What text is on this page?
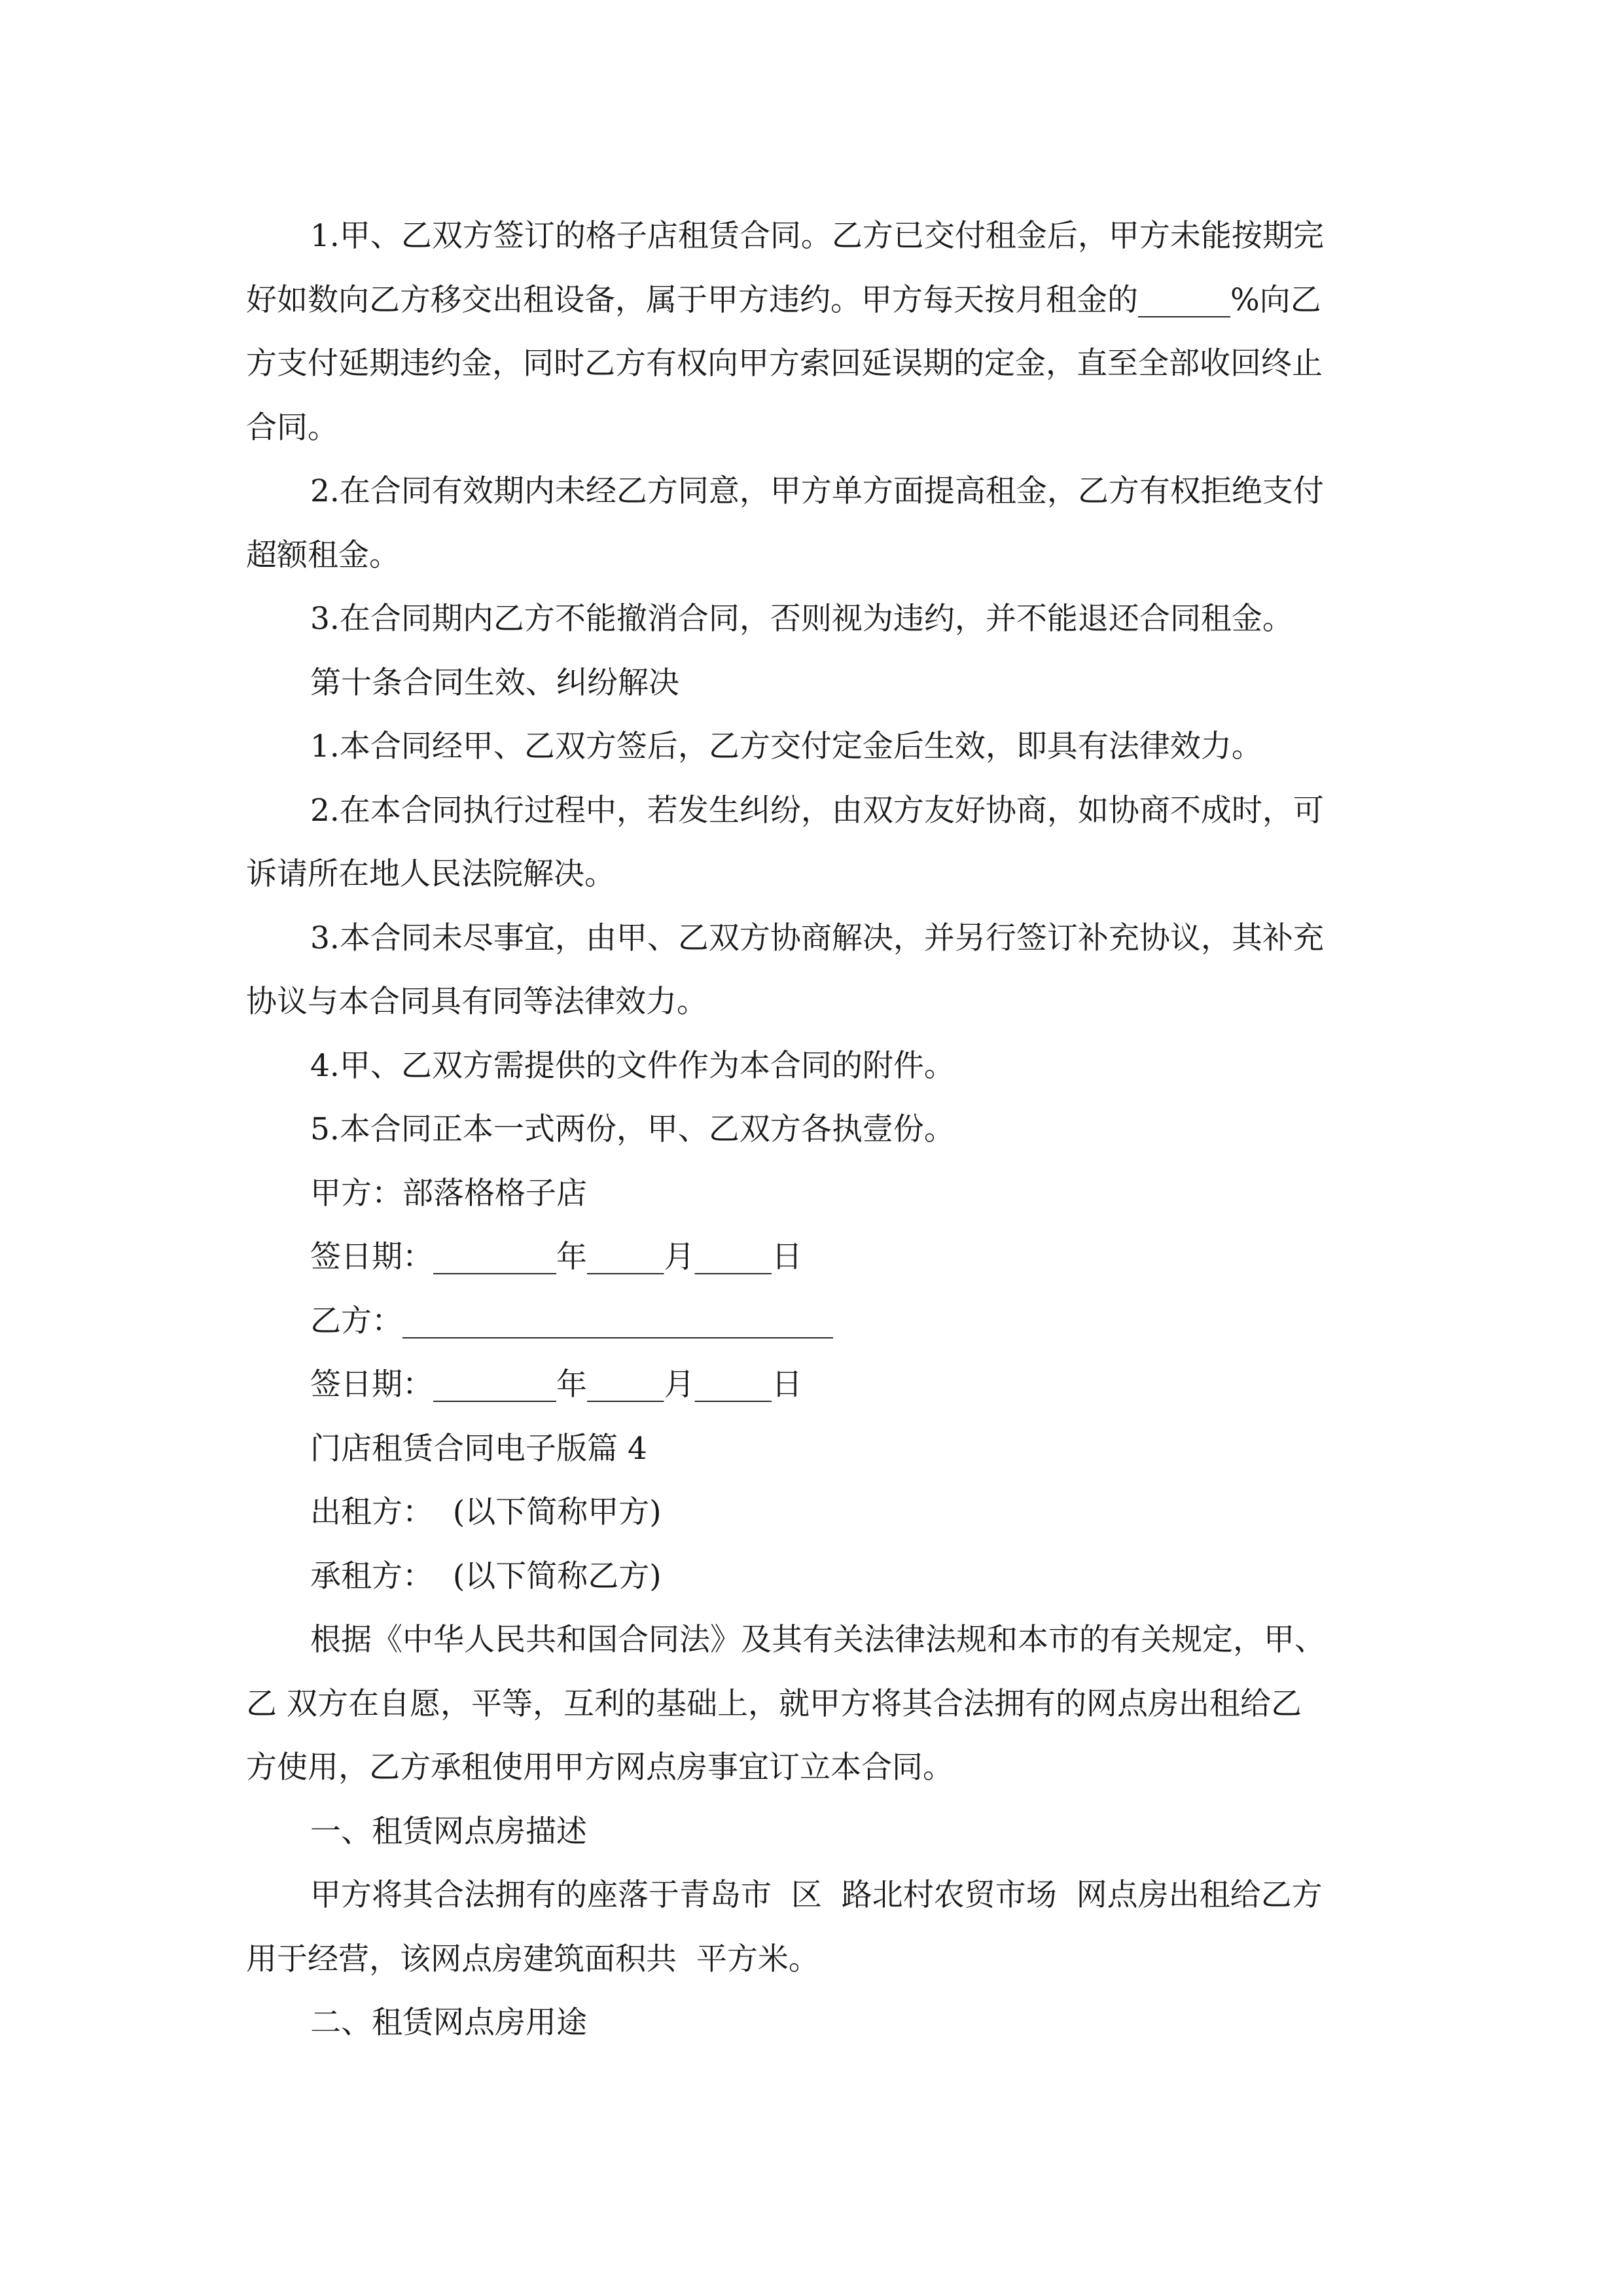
1.甲、乙双方签订的格子店租赁合同。乙方已交付租金后，甲方未能按期完

好如数向乙方移交出租设备，属于甲方违约。甲方每天按月租金的______%向乙

方支付延期违约金，同时乙方有权向甲方索回延误期的定金，直至全部收回终止

合同。

2.在合同有效期内未经乙方同意，甲方单方面提高租金，乙方有权拒绝支付

超额租金。

3.在合同期内乙方不能撤消合同，否则视为违约，并不能退还合同租金。

第十条合同生效、纠纷解决

1.本合同经甲、乙双方签后，乙方交付定金后生效，即具有法律效力。

2.在本合同执行过程中，若发生纠纷，由双方友好协商，如协商不成时，可

诉请所在地人民法院解决。

3.本合同未尽事宜，由甲、乙双方协商解决，并另行签订补充协议，其补充

协议与本合同具有同等法律效力。

4.甲、乙双方需提供的文件作为本合同的附件。

5.本合同正本一式两份，甲、乙双方各执壹份。

甲方：部落格格子店

签日期：________年_____月_____日

乙方：____________________________

签日期：________年_____月_____日

门店租赁合同电子版篇 4

出租方：  (以下简称甲方)

承租方：  (以下简称乙方)

根据《中华人民共和国合同法》及其有关法律法规和本市的有关规定，甲、

乙 双方在自愿，平等，互利的基础上，就甲方将其合法拥有的网点房出租给乙

方使用，乙方承租使用甲方网点房事宜订立本合同。

一、租赁网点房描述

甲方将其合法拥有的座落于青岛市  区  路北村农贸市场  网点房出租给乙方

用于经营，该网点房建筑面积共  平方米。

二、租赁网点房用途
